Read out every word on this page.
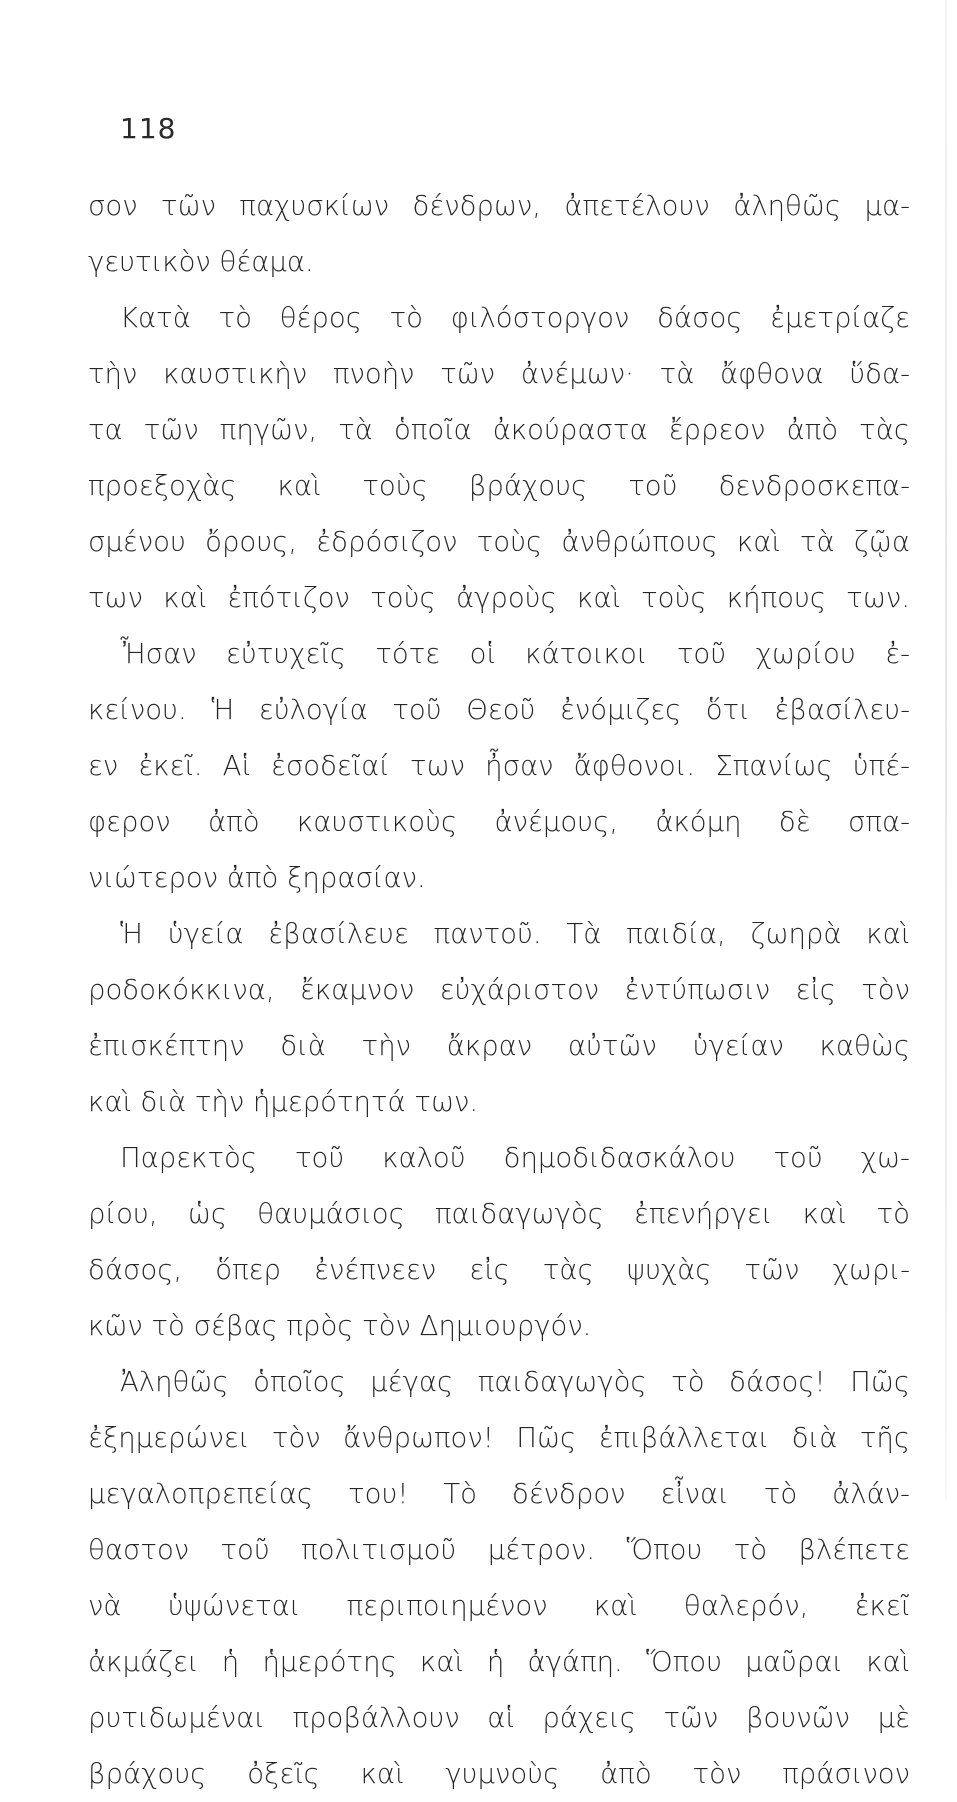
118
σον τῶν παχυσκίων δένδρων, ἀπετέλουν ἀληθῶς μα-
γευτικὸν θέαμα.
Κατὰ τὸ θέρος τὸ φιλόστοργον δάσος ἐμετρίαζε
τὴν καυστικὴν πνοὴν τῶν ἀνέμων· τὰ ἄφθονα ὕδα-
τα τῶν πηγῶν, τὰ ὁποῖα ἀκούραστα ἔρρεον ἀπὸ τὰς
προεξοχὰς καὶ τοὺς βράχους τοῦ δενδροσκεπα-
σμένου ὄρους, ἐδρόσιζον τοὺς ἀνθρώπους καὶ τὰ ζῷα
των καὶ ἐπότιζον τοὺς ἀγροὺς καὶ τοὺς κήπους των.
Ἦσαν εὐτυχεῖς τότε οἱ κάτοικοι τοῦ χωρίου ἐ-
κείνου. Ἡ εὐλογία τοῦ Θεοῦ ἐνόμιζες ὅτι ἐβασίλευ-
εν ἐκεῖ. Αἱ ἐσοδεῖαί των ἦσαν ἄφθονοι. Σπανίως ὑπέ-
φερον ἀπὸ καυστικοὺς ἀνέμους, ἀκόμη δὲ σπα-
νιώτερον ἀπὸ ξηρασίαν.
Ἡ ὑγεία ἐβασίλευε παντοῦ. Τὰ παιδία, ζωηρὰ καὶ
ροδοκόκκινα, ἔκαμνον εὐχάριστον ἐντύπωσιν εἰς τὸν
ἐπισκέπτην διὰ τὴν ἄκραν αὐτῶν ὑγείαν καθὼς
καὶ διὰ τὴν ἡμερότητά των.
Παρεκτὸς τοῦ καλοῦ δημοδιδασκάλου τοῦ χω-
ρίου, ὡς θαυμάσιος παιδαγωγὸς ἐπενήργει καὶ τὸ
δάσος, ὅπερ ἐνέπνεεν εἰς τὰς ψυχὰς τῶν χωρι-
κῶν τὸ σέβας πρὸς τὸν Δημιουργόν.
Ἀληθῶς ὁποῖος μέγας παιδαγωγὸς τὸ δάσος! Πῶς
ἐξημερώνει τὸν ἄνθρωπον! Πῶς ἐπιβάλλεται διὰ τῆς
μεγαλοπρεπείας του! Τὸ δένδρον εἶναι τὸ ἀλάν-
θαστον τοῦ πολιτισμοῦ μέτρον. Ὅπου τὸ βλέπετε
νὰ ὑψώνεται περιποιημένον καὶ θαλερόν, ἐκεῖ
ἀκμάζει ἡ ἡμερότης καὶ ἡ ἀγάπη. Ὅπου μαῦραι καὶ
ρυτιδωμέναι προβάλλουν αἱ ράχεις τῶν βουνῶν μὲ
βράχους ὀξεῖς καὶ γυμνοὺς ἀπὸ τὸν πράσινον
